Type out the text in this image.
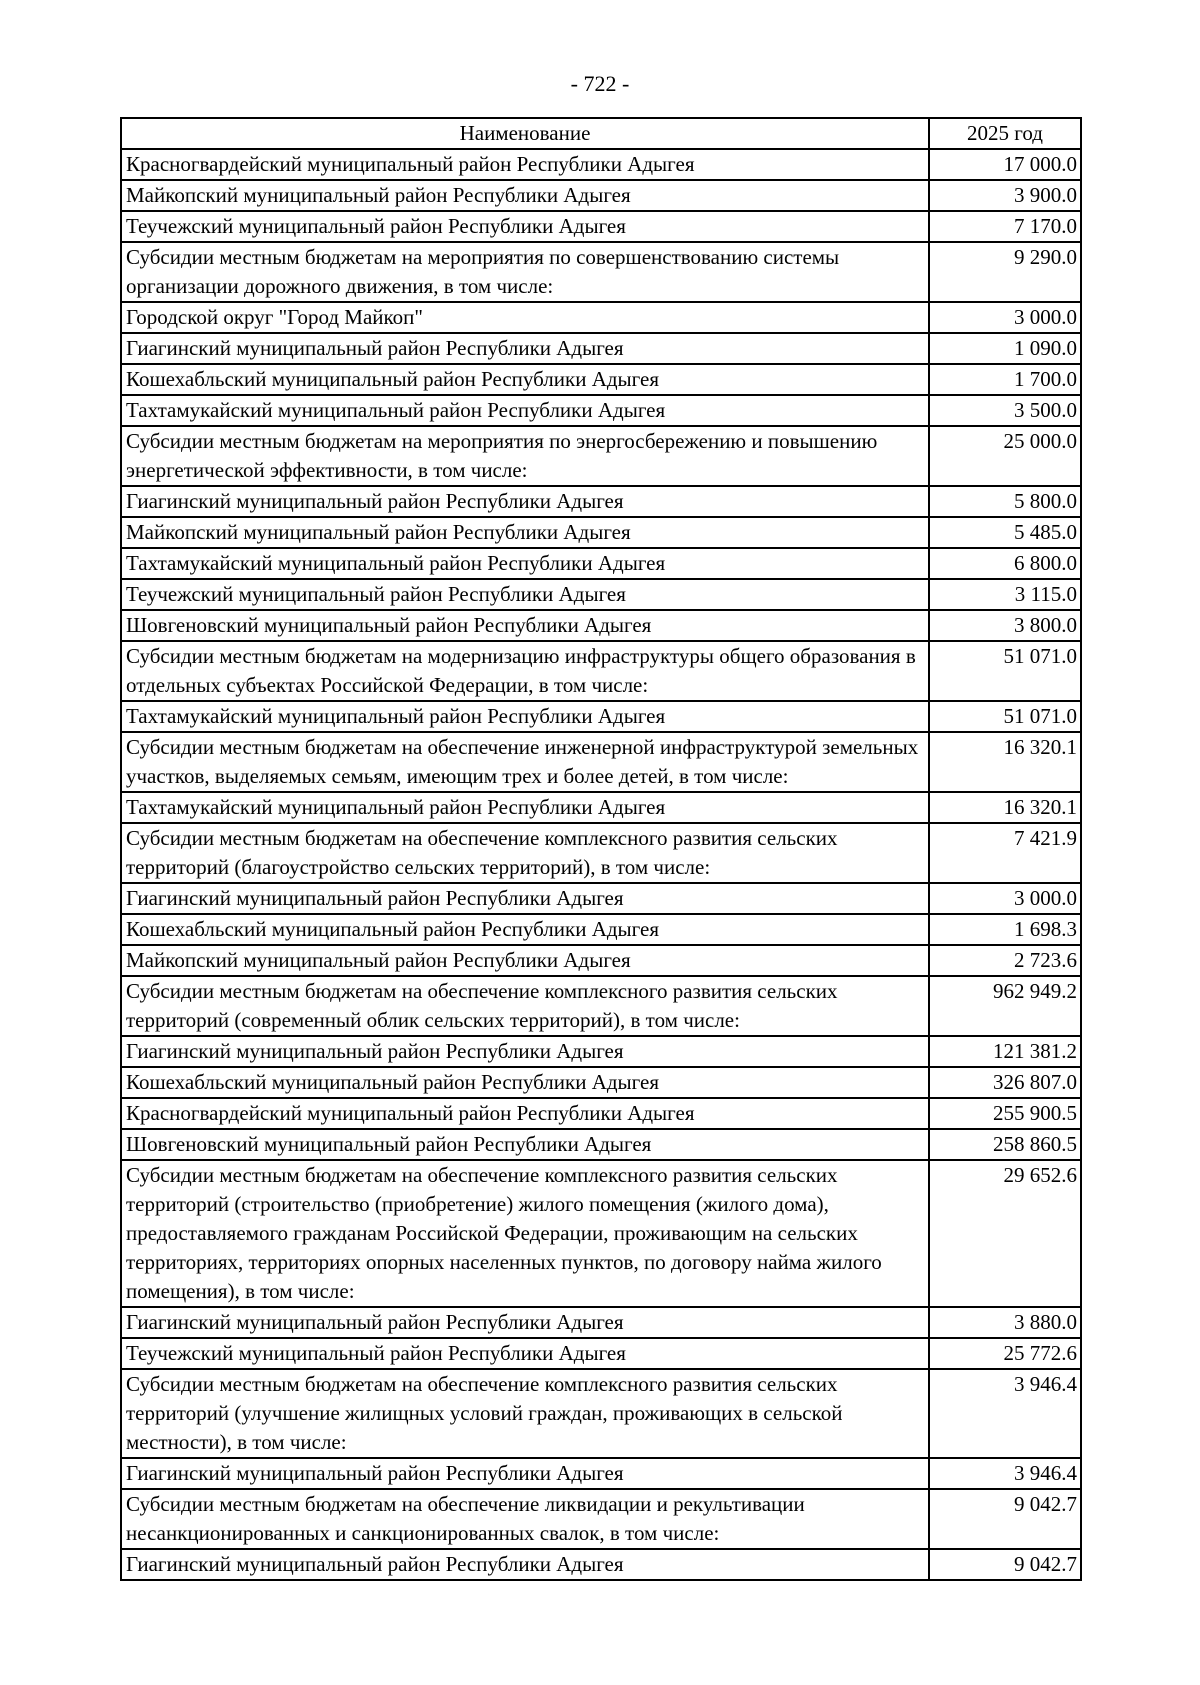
- 722 -
Наименование	2025 год
Красногвардейский муниципальный район Республики Адыгея	17 000.0
Майкопский муниципальный район Республики Адыгея	3 900.0
Теучежский муниципальный район Республики Адыгея	7 170.0
Субсидии местным бюджетам на мероприятия по совершенствованию системы организации дорожного движения, в том числе:	9 290.0
Городской округ "Город Майкоп"	3 000.0
Гиагинский муниципальный район Республики Адыгея	1 090.0
Кошехабльский муниципальный район Республики Адыгея	1 700.0
Тахтамукайский муниципальный район Республики Адыгея	3 500.0
Субсидии местным бюджетам на мероприятия по энергосбережению и повышению энергетической эффективности, в том числе:	25 000.0
Гиагинский муниципальный район Республики Адыгея	5 800.0
Майкопский муниципальный район Республики Адыгея	5 485.0
Тахтамукайский муниципальный район Республики Адыгея	6 800.0
Теучежский муниципальный район Республики Адыгея	3 115.0
Шовгеновский муниципальный район Республики Адыгея	3 800.0
Субсидии местным бюджетам на модернизацию инфраструктуры общего образования в отдельных субъектах Российской Федерации, в том числе:	51 071.0
Тахтамукайский муниципальный район Республики Адыгея	51 071.0
Субсидии местным бюджетам на обеспечение инженерной инфраструктурой земельных участков, выделяемых семьям, имеющим трех и более детей, в том числе:	16 320.1
Тахтамукайский муниципальный район Республики Адыгея	16 320.1
Субсидии местным бюджетам на обеспечение комплексного развития сельских территорий (благоустройство сельских территорий), в том числе:	7 421.9
Гиагинский муниципальный район Республики Адыгея	3 000.0
Кошехабльский муниципальный район Республики Адыгея	1 698.3
Майкопский муниципальный район Республики Адыгея	2 723.6
Субсидии местным бюджетам на обеспечение комплексного развития сельских территорий (современный облик сельских территорий), в том числе:	962 949.2
Гиагинский муниципальный район Республики Адыгея	121 381.2
Кошехабльский муниципальный район Республики Адыгея	326 807.0
Красногвардейский муниципальный район Республики Адыгея	255 900.5
Шовгеновский муниципальный район Республики Адыгея	258 860.5
Субсидии местным бюджетам на обеспечение комплексного развития сельских территорий (строительство (приобретение) жилого помещения (жилого дома), предоставляемого гражданам Российской Федерации, проживающим на сельских территориях, территориях опорных населенных пунктов, по договору найма жилого помещения), в том числе:	29 652.6
Гиагинский муниципальный район Республики Адыгея	3 880.0
Теучежский муниципальный район Республики Адыгея	25 772.6
Субсидии местным бюджетам на обеспечение комплексного развития сельских территорий (улучшение жилищных условий граждан, проживающих в сельской местности), в том числе:	3 946.4
Гиагинский муниципальный район Республики Адыгея	3 946.4
Субсидии местным бюджетам на обеспечение ликвидации и рекультивации несанкционированных и санкционированных свалок, в том числе:	9 042.7
Гиагинский муниципальный район Республики Адыгея	9 042.7
